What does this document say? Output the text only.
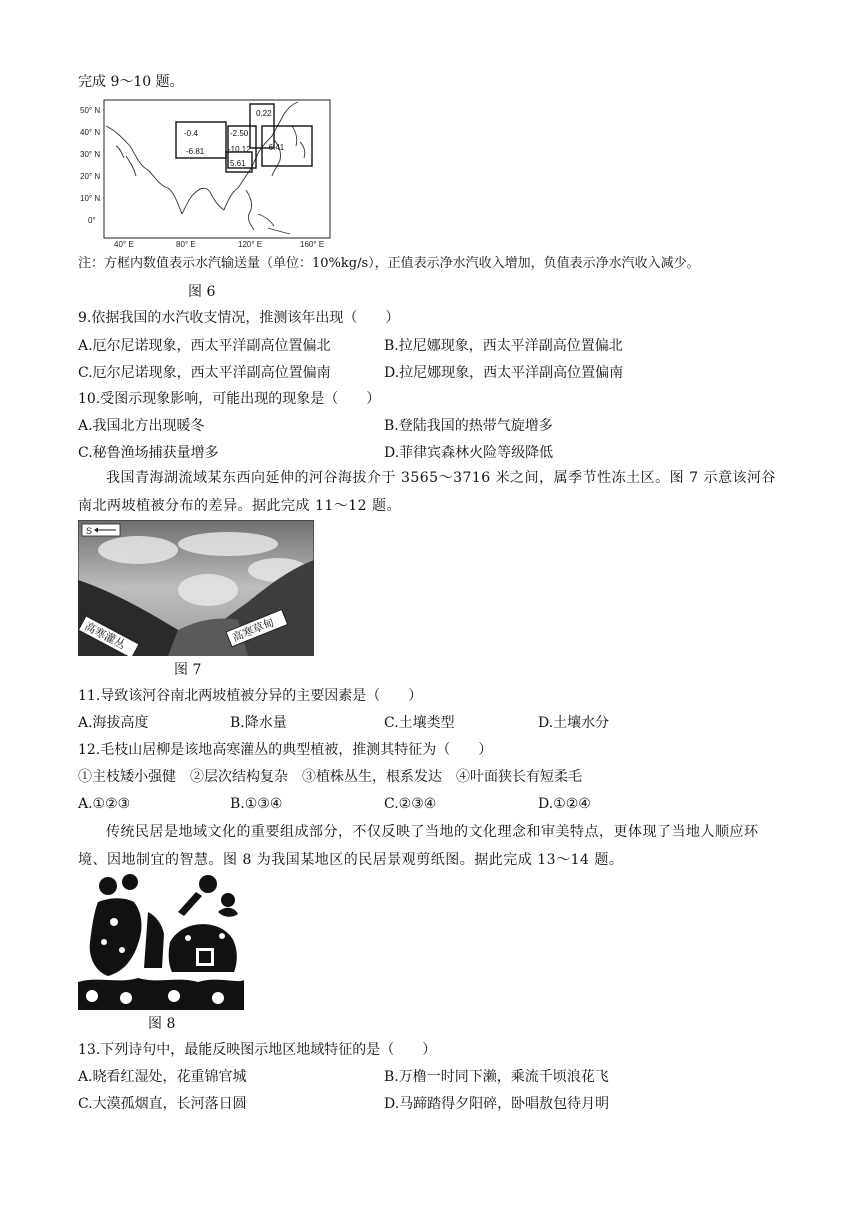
完成 9～10 题。
50° N
40° N
30° N
20° N
10° N
0°
40° E	80° E	120° E	160° E
-0.4	-2.50
0.22
-6.81	-10.12 -6.41
5.61
注：方框内数值表示水汽输送量（单位：10%kg/s），正值表示净水汽收入增加，负值表示净水汽收入减少。
图 6
9.依据我国的水汽收支情况，推测该年出现（　　）
A.厄尔尼诺现象，西太平洋副高位置偏北	B.拉尼娜现象，西太平洋副高位置偏北
C.厄尔尼诺现象，西太平洋副高位置偏南	D.拉尼娜现象，西太平洋副高位置偏南
10.受图示现象影响，可能出现的现象是（　　）
A.我国北方出现暖冬	B.登陆我国的热带气旋增多
C.秘鲁渔场捕获量增多	D.菲律宾森林火险等级降低
我国青海湖流域某东西向延伸的河谷海拔介于 3565～3716 米之间，属季节性冻土区。图 7 示意该河谷南北两坡植被分布的差异。据此完成 11～12 题。
S
高寒灌丛	高寒草甸
图 7
11.导致该河谷南北两坡植被分异的主要因素是（　　）
A.海拔高度	B.降水量	C.土壤类型	D.土壤水分
12.毛枝山居柳是该地高寒灌丛的典型植被，推测其特征为（　　）
①主枝矮小强健　②层次结构复杂　③植株丛生，根系发达　④叶面狭长有短柔毛
A.①②③	B.①③④	C.②③④	D.①②④
传统民居是地域文化的重要组成部分，不仅反映了当地的文化理念和审美特点，更体现了当地人顺应环境、因地制宜的智慧。图 8 为我国某地区的民居景观剪纸图。据此完成 13～14 题。
图 8
13.下列诗句中，最能反映图示地区地域特征的是（　　）
A.晓看红湿处，花重锦官城	B.万橹一时同下濑，乘流千顷浪花飞
C.大漠孤烟直，长河落日圆	D.马蹄踏得夕阳碎，卧唱敖包待月明
